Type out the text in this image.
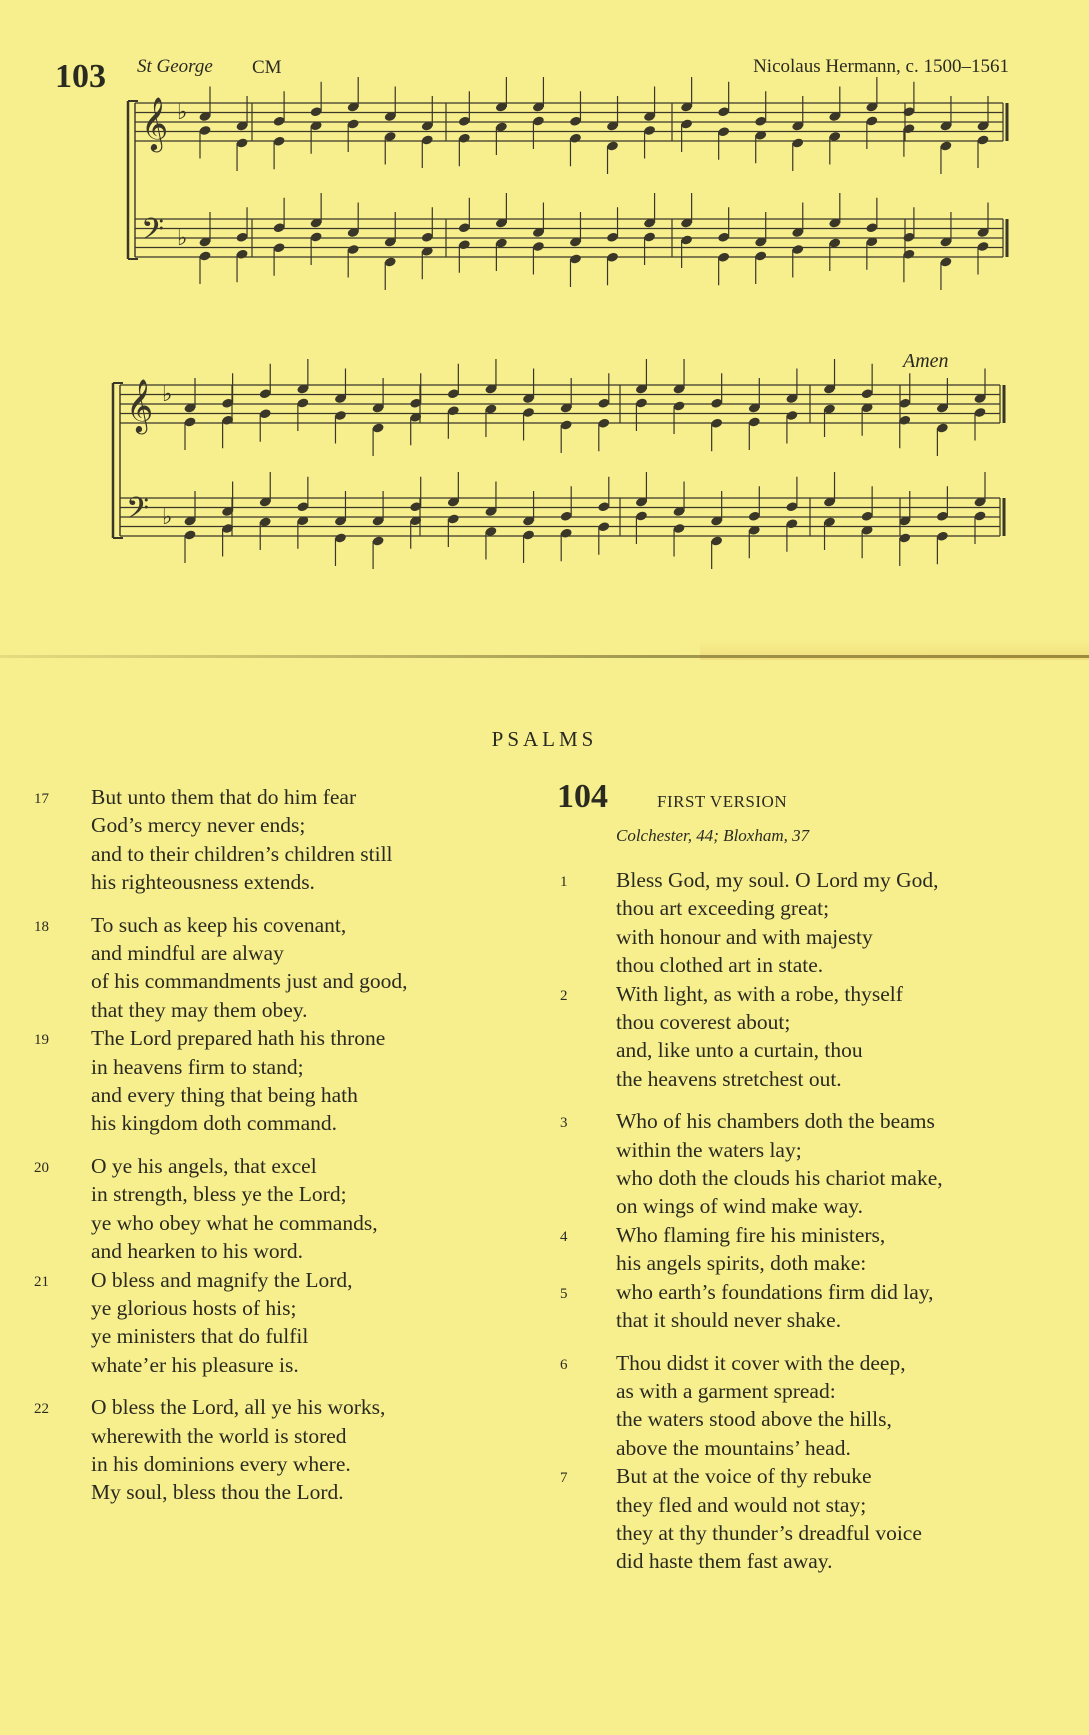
103 St George CM	Nicolaus Hermann, c. 1500–1561
𝄞 ♭
𝄢 ♭
𝄞 ♭
𝄢 ♭
Amen
PSALMS
17	But unto them that do him fear
God’s mercy never ends;
and to their children’s children still
his righteousness extends.
18	To such as keep his covenant,
and mindful are alway
of his commandments just and good,
that they may them obey.
19	The Lord prepared hath his throne
in heavens firm to stand;
and every thing that being hath
his kingdom doth command.
20	O ye his angels, that excel
in strength, bless ye the Lord;
ye who obey what he commands,
and hearken to his word.
21	O bless and magnify the Lord,
ye glorious hosts of his;
ye ministers that do fulfil
whate’er his pleasure is.
22	O bless the Lord, all ye his works,
wherewith the world is stored
in his dominions every where.
My soul, bless thou the Lord.
104	FIRST VERSION
Colchester, 44; Bloxham, 37
1	Bless God, my soul. O Lord my God,
thou art exceeding great;
with honour and with majesty
thou clothed art in state.
2	With light, as with a robe, thyself
thou coverest about;
and, like unto a curtain, thou
the heavens stretchest out.
3	Who of his chambers doth the beams
within the waters lay;
who doth the clouds his chariot make,
on wings of wind make way.
4	Who flaming fire his ministers,
his angels spirits, doth make:
5	who earth’s foundations firm did lay,
that it should never shake.
6	Thou didst it cover with the deep,
as with a garment spread:
the waters stood above the hills,
above the mountains’ head.
7	But at the voice of thy rebuke
they fled and would not stay;
they at thy thunder’s dreadful voice
did haste them fast away.
